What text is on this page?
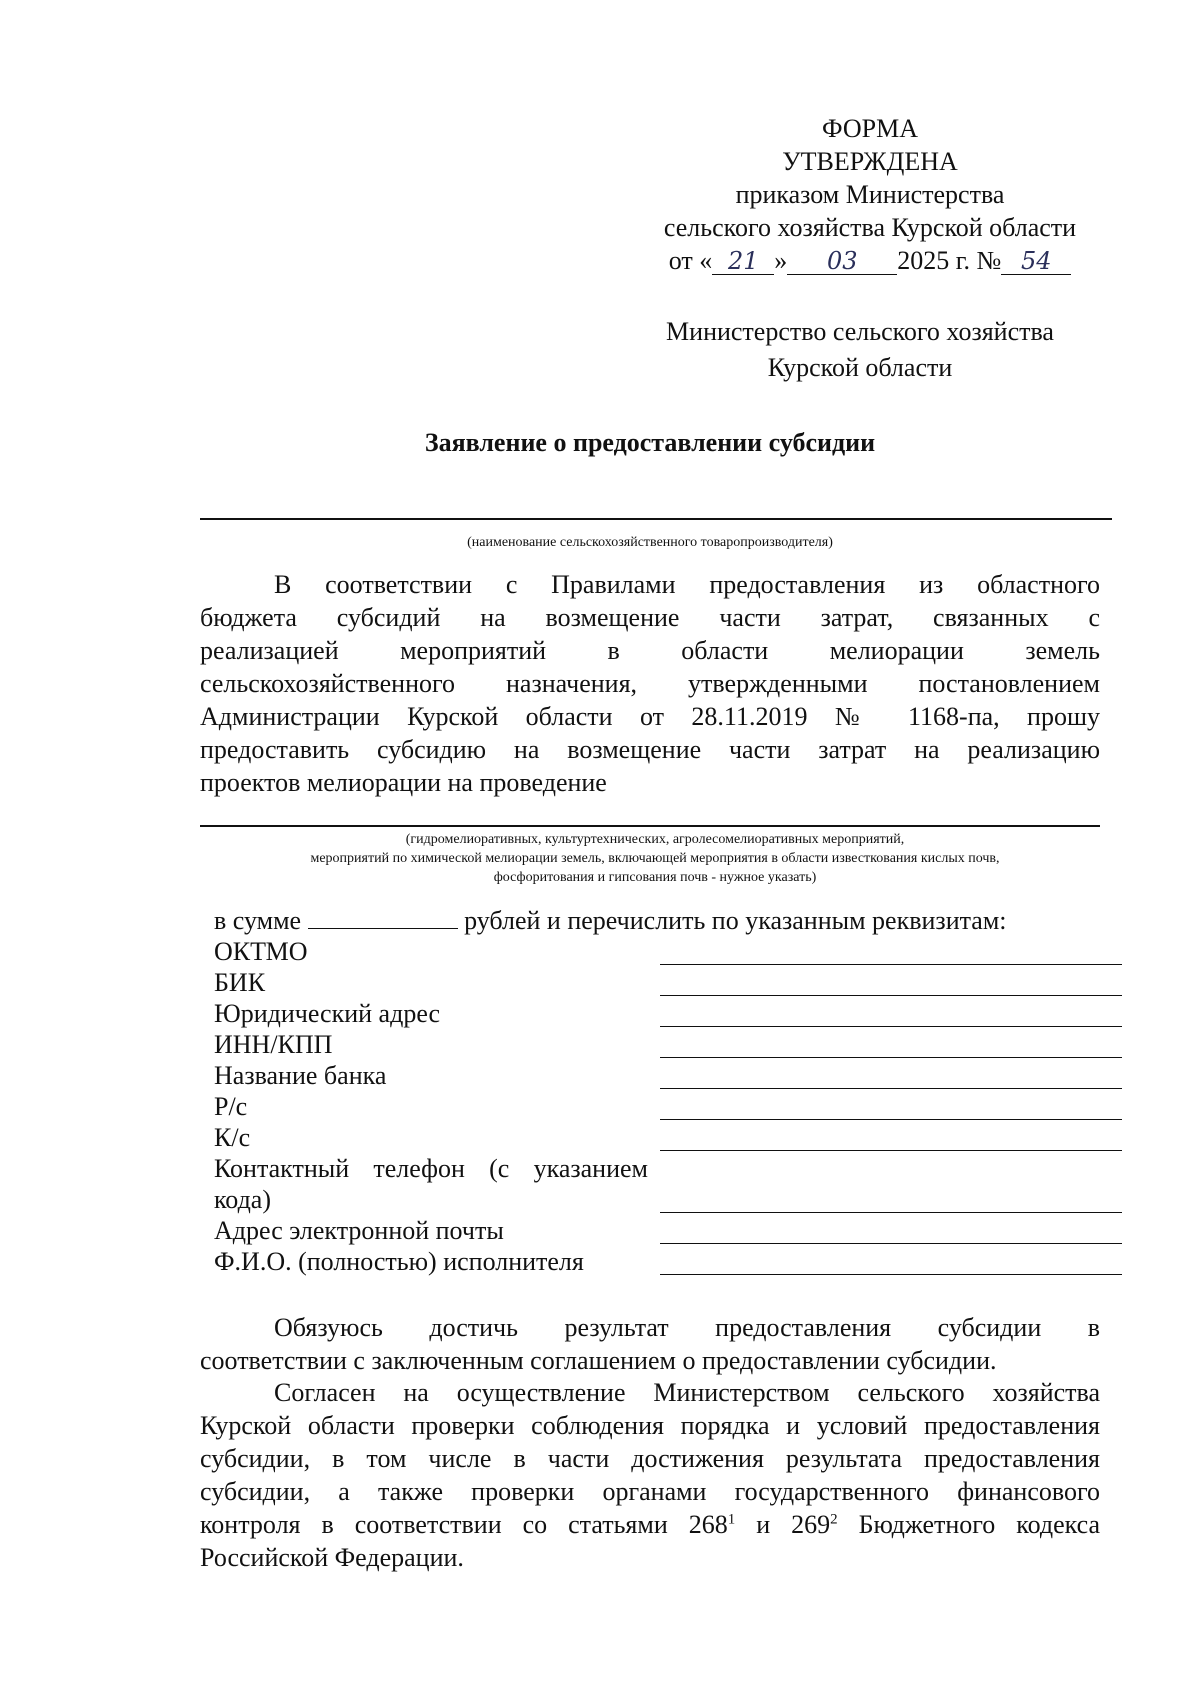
ФОРМА
УТВЕРЖДЕНА
приказом Министерства
сельского хозяйства Курской области
от « 21 » 03 2025 г. № 54
Министерство сельского хозяйства
Курской области
Заявление о предоставлении субсидии
(наименование сельскохозяйственного товаропроизводителя)
В соответствии с Правилами предоставления из областного
бюджета субсидий на возмещение части затрат, связанных с
реализацией мероприятий в области мелиорации земель
сельскохозяйственного назначения, утвержденными постановлением
Администрации Курской области от 28.11.2019 № 1168-па, прошу
предоставить субсидию на возмещение части затрат на реализацию
проектов мелиорации на проведение
(гидромелиоративных, культуртехнических, агролесомелиоративных мероприятий,
мероприятий по химической мелиорации земель, включающей мероприятия в области известкования кислых почв,
фосфоритования и гипсования почв - нужное указать)
в сумме	рублей и перечислить по указанным реквизитам:
ОКТМО
БИК
Юридический адрес
ИНН/КПП
Название банка
Р/с
К/с
Контактный телефон (с указанием
кода)
Адрес электронной почты
Ф.И.О. (полностью) исполнителя
Обязуюсь достичь результат предоставления субсидии в
соответствии с заключенным соглашением о предоставлении субсидии.
Согласен на осуществление Министерством сельского хозяйства
Курской области проверки соблюдения порядка и условий предоставления
субсидии, в том числе в части достижения результата предоставления
субсидии, а также проверки органами государственного финансового
контроля в соответствии со статьями $268^1$ и $269^2$ Бюджетного кодекса
Российской Федерации.
